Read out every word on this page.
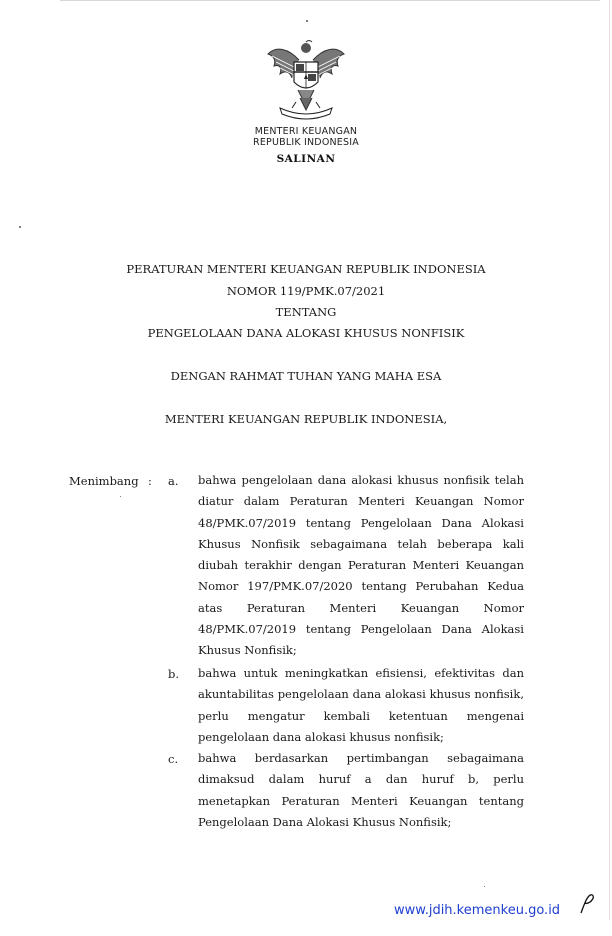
MENTERI KEUANGAN
REPUBLIK INDONESIA
SALINAN
PERATURAN MENTERI KEUANGAN REPUBLIK INDONESIA
NOMOR 119/PMK.07/2021
TENTANG
PENGELOLAAN DANA ALOKASI KHUSUS NONFISIK
DENGAN RAHMAT TUHAN YANG MAHA ESA
MENTERI KEUANGAN REPUBLIK INDONESIA,
Menimbang : a. bahwa pengelolaan dana alokasi khusus nonfisik telah diatur dalam Peraturan Menteri Keuangan Nomor 48/PMK.07/2019 tentang Pengelolaan Dana Alokasi Khusus Nonfisik sebagaimana telah beberapa kali diubah terakhir dengan Peraturan Menteri Keuangan Nomor 197/PMK.07/2020 tentang Perubahan Kedua atas Peraturan Menteri Keuangan Nomor 48/PMK.07/2019 tentang Pengelolaan Dana Alokasi Khusus Nonfisik;
b. bahwa untuk meningkatkan efisiensi, efektivitas dan akuntabilitas pengelolaan dana alokasi khusus nonfisik, perlu mengatur kembali ketentuan mengenai pengelolaan dana alokasi khusus nonfisik;
c. bahwa berdasarkan pertimbangan sebagaimana dimaksud dalam huruf a dan huruf b, perlu menetapkan Peraturan Menteri Keuangan tentang Pengelolaan Dana Alokasi Khusus Nonfisik;
www.jdih.kemenkeu.go.id
